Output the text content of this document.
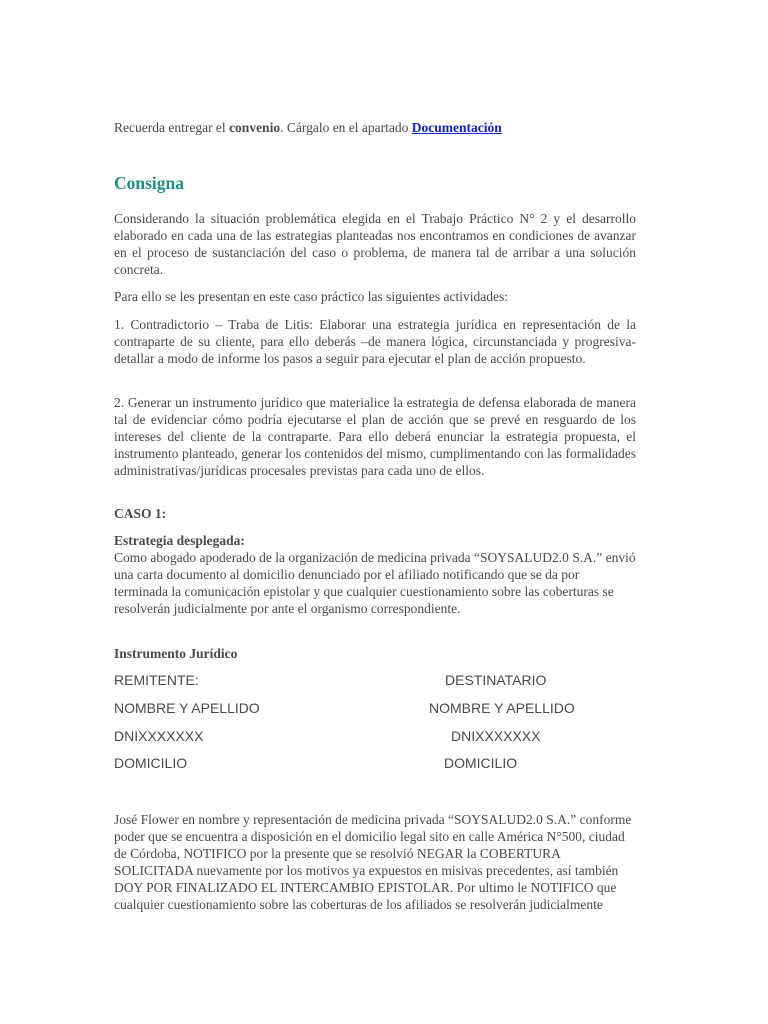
Recuerda entregar el convenio. Cárgalo en el apartado Documentación

Consigna

Considerando la situación problemática elegida en el Trabajo Práctico N° 2 y el desarrollo elaborado en cada una de las estrategias planteadas nos encontramos en condiciones de avanzar en el proceso de sustanciación del caso o problema, de manera tal de arribar a una solución concreta.

Para ello se les presentan en este caso práctico las siguientes actividades:

1. Contradictorio – Traba de Litis: Elaborar una estrategia jurídica en representación de la contraparte de su cliente, para ello deberás –de manera lógica, circunstanciada y progresiva- detallar a modo de informe los pasos a seguir para ejecutar el plan de acción propuesto.

2. Generar un instrumento jurídico que materialice la estrategia de defensa elaborada de manera tal de evidenciar cómo podría ejecutarse el plan de acción que se prevé en resguardo de los intereses del cliente de la contraparte. Para ello deberá enunciar la estrategia propuesta, el instrumento planteado, generar los contenidos del mismo, cumplimentando con las formalidades administrativas/jurídicas procesales previstas para cada uno de ellos.

CASO 1:

Estrategia desplegada:

Como abogado apoderado de la organización de medicina privada “SOYSALUD2.0 S.A.” envió una carta documento al domicilio denunciado por el afiliado notificando que se da por terminada la comunicación epistolar y que cualquier cuestionamiento sobre las coberturas se resolverán judicialmente por ante el organismo correspondiente.

Instrumento Jurídico

REMITENTE:	DESTINATARIO
NOMBRE Y APELLIDO	NOMBRE Y APELLIDO
DNIXXXXXXX	DNIXXXXXXX
DOMICILIO	DOMICILIO

José Flower en nombre y representación de medicina privada “SOYSALUD2.0 S.A.” conforme poder que se encuentra a disposición en el domicilio legal sito en calle América N°500, ciudad de Córdoba, NOTIFICO por la presente que se resolvió NEGAR la COBERTURA SOLICITADA nuevamente por los motivos ya expuestos en misivas precedentes, así también DOY POR FINALIZADO EL INTERCAMBIO EPISTOLAR. Por ultimo le NOTIFICO que cualquier cuestionamiento sobre las coberturas de los afiliados se resolverán judicialmente
